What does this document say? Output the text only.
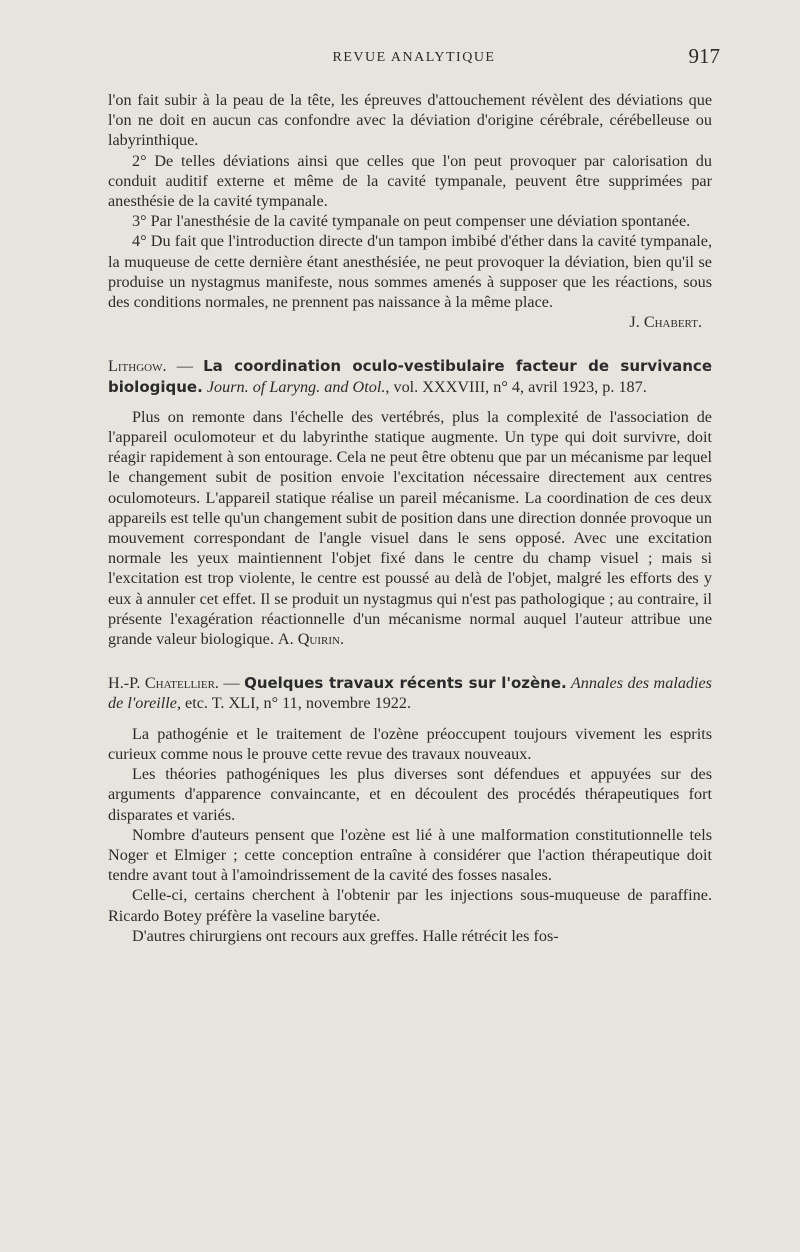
REVUE ANALYTIQUE	917

l'on fait subir à la peau de la tête, les épreuves d'attouchement révèlent des déviations que l'on ne doit en aucun cas confondre avec la déviation d'origine cérébrale, cérébelleuse ou labyrinthique.

2° De telles déviations ainsi que celles que l'on peut provoquer par calorisation du conduit auditif externe et même de la cavité tympanale, peuvent être supprimées par anesthésie de la cavité tympanale.

3° Par l'anesthésie de la cavité tympanale on peut compenser une déviation spontanée.

4° Du fait que l'introduction directe d'un tampon imbibé d'éther dans la cavité tympanale, la muqueuse de cette dernière étant anesthésiée, ne peut provoquer la déviation, bien qu'il se produise un nystagmus manifeste, nous sommes amenés à supposer que les réactions, sous des conditions normales, ne prennent pas naissance à la même place.

J. Chabert.

Lithgow. — La coordination oculo-vestibulaire facteur de survivance biologique. Journ. of Laryng. and Otol., vol. XXXVIII, n° 4, avril 1923, p. 187.

Plus on remonte dans l'échelle des vertébrés, plus la complexité de l'association de l'appareil oculomoteur et du labyrinthe statique augmente. Un type qui doit survivre, doit réagir rapidement à son entourage. Cela ne peut être obtenu que par un mécanisme par lequel le changement subit de position envoie l'excitation nécessaire directement aux centres oculomoteurs. L'appareil statique réalise un pareil mécanisme. La coordination de ces deux appareils est telle qu'un changement subit de position dans une direction donnée provoque un mouvement correspondant de l'angle visuel dans le sens opposé. Avec une excitation normale les yeux maintiennent l'objet fixé dans le centre du champ visuel ; mais si l'excitation est trop violente, le centre est poussé au delà de l'objet, malgré les efforts des y eux à annuler cet effet. Il se produit un nystagmus qui n'est pas pathologique ; au contraire, il présente l'exagération réactionnelle d'un mécanisme normal auquel l'auteur attribue une grande valeur biologique. A. Quirin.

H.-P. Chatellier. — Quelques travaux récents sur l'ozène. Annales des maladies de l'oreille, etc. T. XLI, n° 11, novembre 1922.

La pathogénie et le traitement de l'ozène préoccupent toujours vivement les esprits curieux comme nous le prouve cette revue des travaux nouveaux.

Les théories pathogéniques les plus diverses sont défendues et appuyées sur des arguments d'apparence convaincante, et en découlent des procédés thérapeutiques fort disparates et variés.

Nombre d'auteurs pensent que l'ozène est lié à une malformation constitutionnelle tels Noger et Elmiger ; cette conception entraîne à considérer que l'action thérapeutique doit tendre avant tout à l'amoindrissement de la cavité des fosses nasales.

Celle-ci, certains cherchent à l'obtenir par les injections sous-muqueuse de paraffine. Ricardo Botey préfère la vaseline barytée.

D'autres chirurgiens ont recours aux greffes. Halle rétrécit les fos-
